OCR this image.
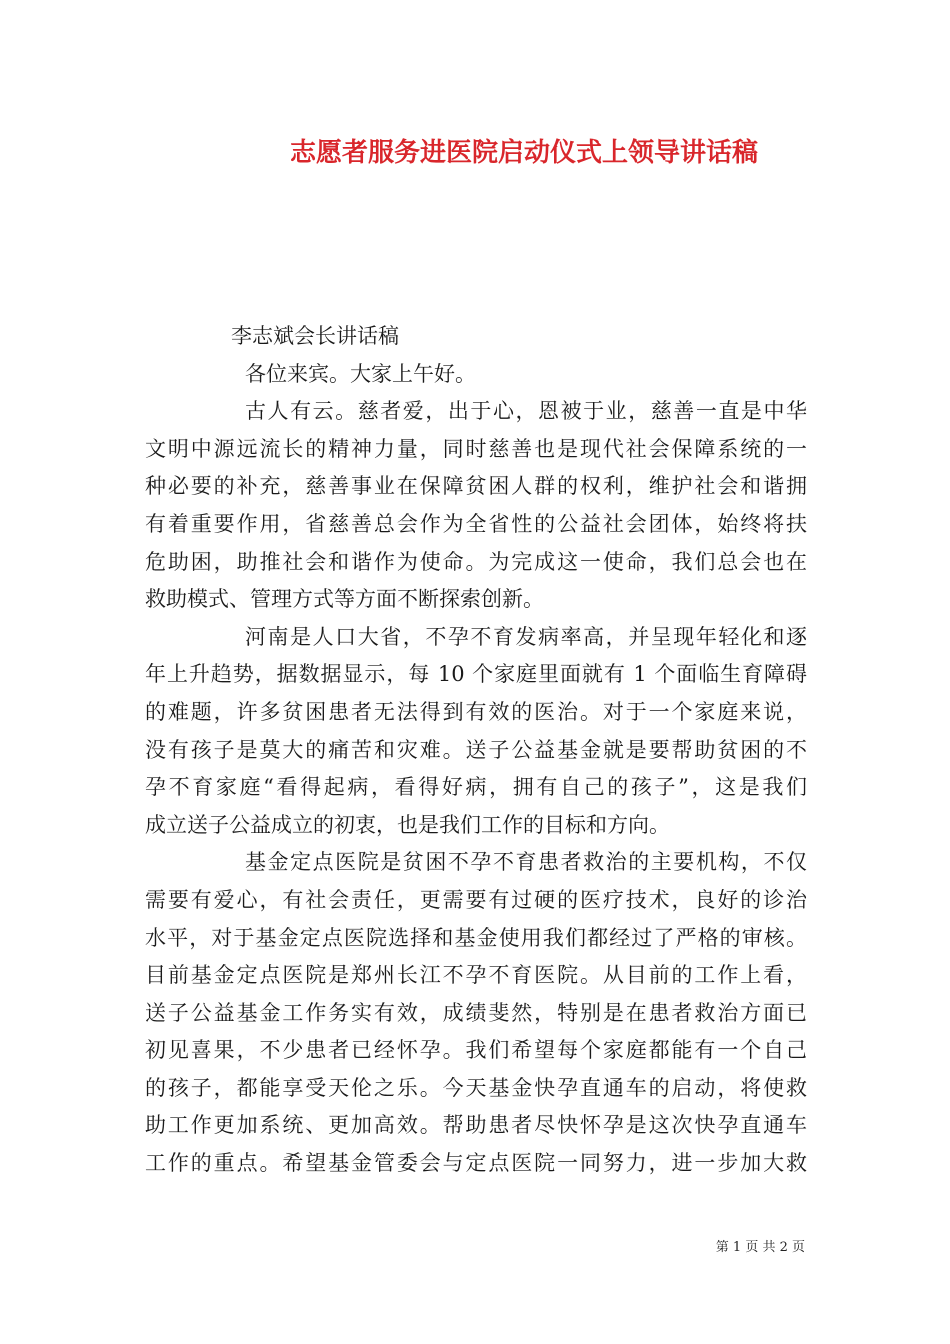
志愿者服务进医院启动仪式上领导讲话稿
李志斌会长讲话稿
各位来宾。大家上午好。
古人有云。慈者爱，出于心，恩被于业，慈善一直是中华
文明中源远流长的精神力量，同时慈善也是现代社会保障系统的一
种必要的补充，慈善事业在保障贫困人群的权利，维护社会和谐拥
有着重要作用，省慈善总会作为全省性的公益社会团体，始终将扶
危助困，助推社会和谐作为使命。为完成这一使命，我们总会也在
救助模式、管理方式等方面不断探索创新。
河南是人口大省，不孕不育发病率高，并呈现年轻化和逐
年上升趋势，据数据显示，每 10 个家庭里面就有 1 个面临生育障碍
的难题，许多贫困患者无法得到有效的医治。对于一个家庭来说，
没有孩子是莫大的痛苦和灾难。送子公益基金就是要帮助贫困的不
孕不育家庭“看得起病，看得好病，拥有自己的孩子”，这是我们
成立送子公益成立的初衷，也是我们工作的目标和方向。
基金定点医院是贫困不孕不育患者救治的主要机构，不仅
需要有爱心，有社会责任，更需要有过硬的医疗技术，良好的诊治
水平，对于基金定点医院选择和基金使用我们都经过了严格的审核。
目前基金定点医院是郑州长江不孕不育医院。从目前的工作上看，
送子公益基金工作务实有效，成绩斐然，特别是在患者救治方面已
初见喜果，不少患者已经怀孕。我们希望每个家庭都能有一个自己
的孩子，都能享受天伦之乐。今天基金快孕直通车的启动，将使救
助工作更加系统、更加高效。帮助患者尽快怀孕是这次快孕直通车
工作的重点。希望基金管委会与定点医院一同努力，进一步加大救
第 1 页 共 2 页
